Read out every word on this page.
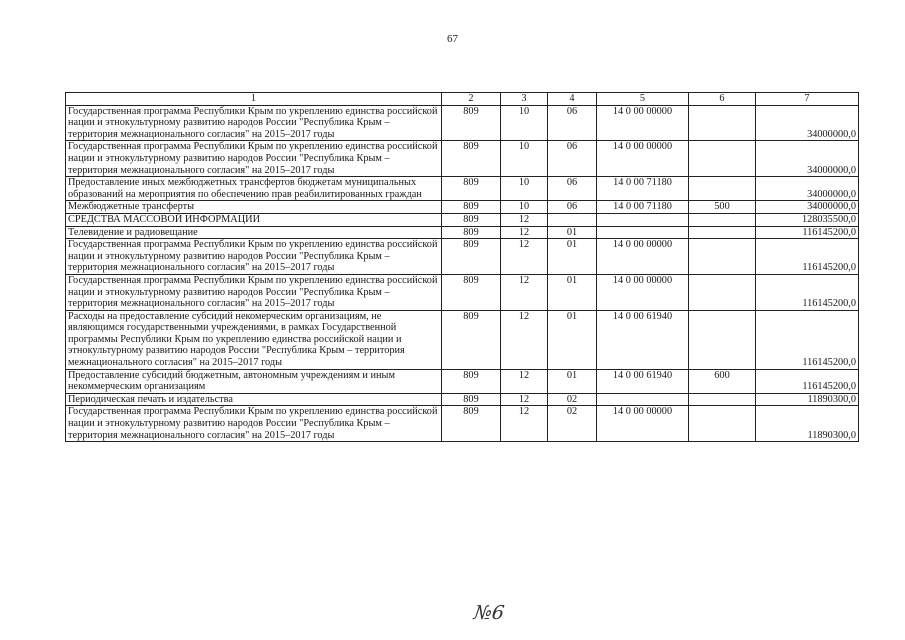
67
1	2	3	4	5	6	7
Государственная программа Республики Крым по укреплению единства российской нации и этнокультурному развитию народов России "Республика Крым – территория межнационального согласия" на 2015–2017 годы	809	10	06	14 0 00 00000		34000000,0
Государственная программа Республики Крым по укреплению единства российской нации и этнокультурному развитию народов России "Республика Крым – территория межнационального согласия" на 2015–2017 годы	809	10	06	14 0 00 00000		34000000,0
Предоставление иных межбюджетных трансфертов бюджетам муниципальных образований на мероприятия по обеспечению прав реабилитированных граждан	809	10	06	14 0 00 71180		34000000,0
Межбюджетные трансферты	809	10	06	14 0 00 71180	500	34000000,0
СРЕДСТВА МАССОВОЙ ИНФОРМАЦИИ	809	12				128035500,0
Телевидение и радиовещание	809	12	01			116145200,0
Государственная программа Республики Крым по укреплению единства российской нации и этнокультурному развитию народов России "Республика Крым – территория межнационального согласия" на 2015–2017 годы	809	12	01	14 0 00 00000		116145200,0
Государственная программа Республики Крым по укреплению единства российской нации и этнокультурному развитию народов России "Республика Крым – территория межнационального согласия" на 2015–2017 годы	809	12	01	14 0 00 00000		116145200,0
Расходы на предоставление субсидий некомерческим организациям, не являющимся государственными учреждениями, в рамках Государственной программы Республики Крым по укреплению единства российской нации и этнокультурному развитию народов России "Республика Крым – территория межнационального согласия" на 2015–2017 годы	809	12	01	14 0 00 61940		116145200,0
Предоставление субсидий бюджетным, автономным учреждениям и иным некоммерческим организациям	809	12	01	14 0 00 61940	600	116145200,0
Периодическая печать и издательства	809	12	02			11890300,0
Государственная программа Республики Крым по укреплению единства российской нации и этнокультурному развитию народов России "Республика Крым – территория межнационального согласия" на 2015–2017 годы	809	12	02	14 0 00 00000		11890300,0
№6
